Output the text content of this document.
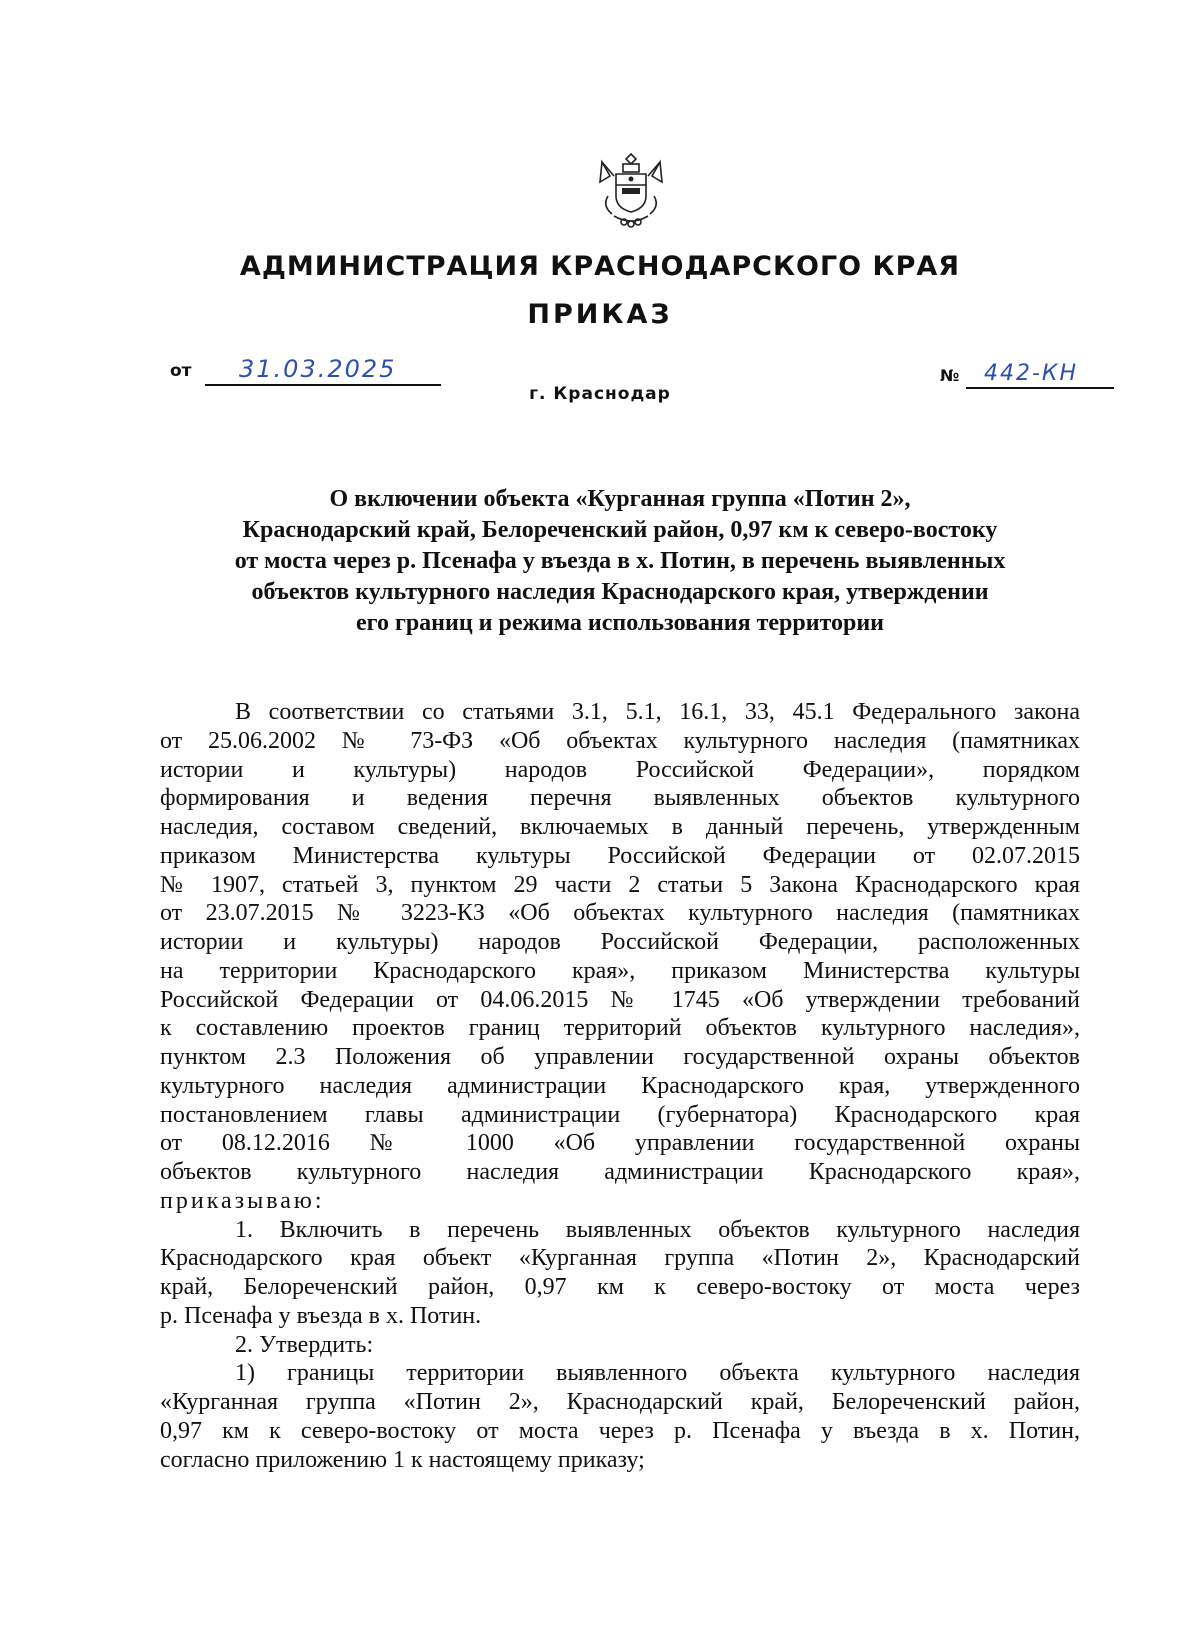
АДМИНИСТРАЦИЯ КРАСНОДАРСКОГО КРАЯ
ПРИКАЗ
от	31.03.2025
г. Краснодар
№	442-КН
О включении объекта «Курганная группа «Потин 2»,
Краснодарский край, Белореченский район, 0,97 км к северо-востоку
от моста через р. Псенафа у въезда в х. Потин, в перечень выявленных
объектов культурного наследия Краснодарского края, утверждении
его границ и режима использования территории
В соответствии со статьями 3.1, 5.1, 16.1, 33, 45.1 Федерального закона
от 25.06.2002 № 73-ФЗ «Об объектах культурного наследия (памятниках
истории и культуры) народов Российской Федерации», порядком
формирования и ведения перечня выявленных объектов культурного
наследия, составом сведений, включаемых в данный перечень, утвержденным
приказом Министерства культуры Российской Федерации от 02.07.2015
№ 1907, статьей 3, пунктом 29 части 2 статьи 5 Закона Краснодарского края
от 23.07.2015 № 3223-КЗ «Об объектах культурного наследия (памятниках
истории и культуры) народов Российской Федерации, расположенных
на территории Краснодарского края», приказом Министерства культуры
Российской Федерации от 04.06.2015 № 1745 «Об утверждении требований
к составлению проектов границ территорий объектов культурного наследия»,
пунктом 2.3 Положения об управлении государственной охраны объектов
культурного наследия администрации Краснодарского края, утвержденного
постановлением главы администрации (губернатора) Краснодарского края
от 08.12.2016 № 1000 «Об управлении государственной охраны
объектов культурного наследия администрации Краснодарского края»,
приказываю:
1. Включить в перечень выявленных объектов культурного наследия
Краснодарского края объект «Курганная группа «Потин 2», Краснодарский
край, Белореченский район, 0,97 км к северо-востоку от моста через
р. Псенафа у въезда в х. Потин.
2. Утвердить:
1) границы территории выявленного объекта культурного наследия
«Курганная группа «Потин 2», Краснодарский край, Белореченский район,
0,97 км к северо-востоку от моста через р. Псенафа у въезда в х. Потин,
согласно приложению 1 к настоящему приказу;
